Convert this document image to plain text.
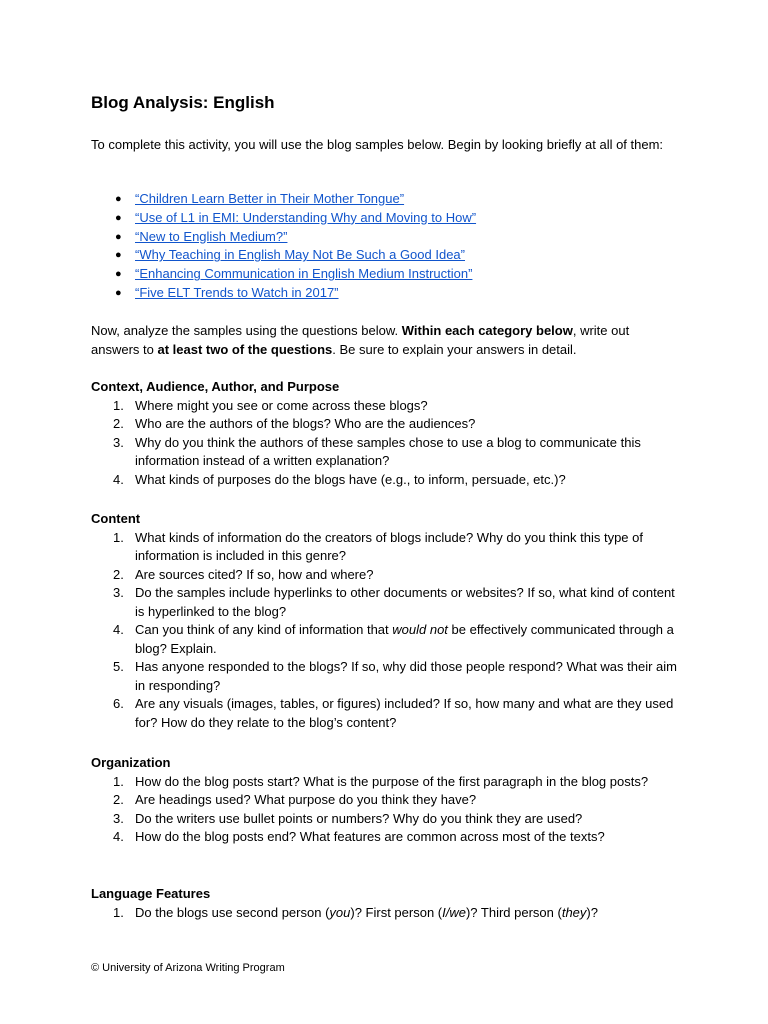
Blog Analysis: English

To complete this activity, you will use the blog samples below. Begin by looking briefly at all of them:

● “Children Learn Better in Their Mother Tongue”
● “Use of L1 in EMI: Understanding Why and Moving to How”
● “New to English Medium?”
● “Why Teaching in English May Not Be Such a Good Idea”
● “Enhancing Communication in English Medium Instruction”
● “Five ELT Trends to Watch in 2017”

Now, analyze the samples using the questions below. Within each category below, write out answers to at least two of the questions. Be sure to explain your answers in detail.

Context, Audience, Author, and Purpose
1. Where might you see or come across these blogs?
2. Who are the authors of the blogs? Who are the audiences?
3. Why do you think the authors of these samples chose to use a blog to communicate this information instead of a written explanation?
4. What kinds of purposes do the blogs have (e.g., to inform, persuade, etc.)?
Content
1. What kinds of information do the creators of blogs include? Why do you think this type of information is included in this genre?
2. Are sources cited? If so, how and where?
3. Do the samples include hyperlinks to other documents or websites? If so, what kind of content is hyperlinked to the blog?
4. Can you think of any kind of information that would not be effectively communicated through a blog? Explain.
5. Has anyone responded to the blogs? If so, why did those people respond? What was their aim in responding?
6. Are any visuals (images, tables, or figures) included? If so, how many and what are they used for? How do they relate to the blog’s content?
Organization
1. How do the blog posts start? What is the purpose of the first paragraph in the blog posts?
2. Are headings used? What purpose do you think they have?
3. Do the writers use bullet points or numbers? Why do you think they are used?
4. How do the blog posts end? What features are common across most of the texts?
Language Features
1. Do the blogs use second person (you)? First person (I/we)? Third person (they)?
© University of Arizona Writing Program
